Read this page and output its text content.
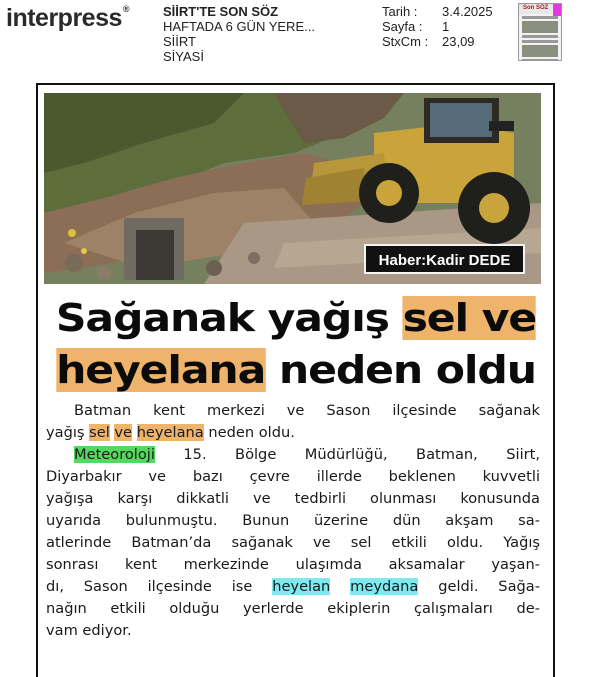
interpress®	SİİRT'TE SON SÖZ
HAFTADA 6 GÜN YERE...
SİİRT
SİYASİ
Tarih :
Sayfa :
StxCm :
3.4.2025
1
23,09
Son SÖZ
Haber:Kadir DEDE
Sağanak yağış sel ve
heyelana neden oldu
Batman kent merkezi ve Sason ilçesinde sağanak
yağış sel ve heyelana neden oldu.
Meteoroloji 15. Bölge Müdürlüğü, Batman, Siirt,
Diyarbakır ve bazı çevre illerde beklenen kuvvetli
yağışa karşı dikkatli ve tedbirli olunması konusunda
uyarıda bulunmuştu. Bunun üzerine dün akşam sa-
atlerinde Batman’da sağanak ve sel etkili oldu. Yağış
sonrası kent merkezinde ulaşımda aksamalar yaşan-
dı, Sason ilçesinde ise heyelan meydana geldi. Sağa-
nağın etkili olduğu yerlerde ekiplerin çalışmaları de-
vam ediyor.
